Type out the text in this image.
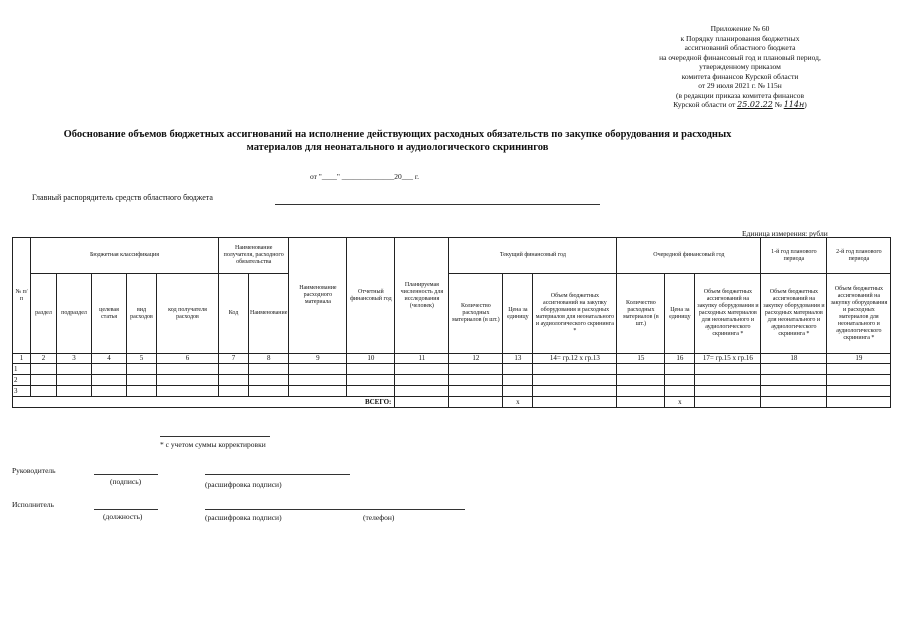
Приложение № 60
к Порядку планирования бюджетных
ассигнований областного бюджета
на очередной финансовый год и плановый период,
утвержденному приказом
комитета финансов Курской области
от 29 июля 2021 г. № 115н
(в редакции приказа комитета финансов
Курской области от 25.02.22 № 114н)
Обоснование объемов бюджетных ассигнований на исполнение действующих расходных обязательств по закупке оборудования и расходных
материалов для неонатального и аудиологического скринингов
от "____" ______________20___ г.
Главный распорядитель средств областного бюджета
Единица измерения: рубли
№ п/п	Бюджетная классификация					Наименование получателя, расходного обязательства		Наименование расходного материала	Отчетный финансовый год	Планируемая численность для исследования (человек)	Текущий финансовый год			Очередной финансовый год			1-й год планового периода	2-й год планового периода
	раздел	подраздел	целевая статья	вид расходов	код получателя расходов	Код	Наименование				Количество расходных материалов (в шт.)	Цена за единицу	Объем бюджетных ассигнований на закупку оборудования и расходных материалов для неонатального и аудиологического скрининга *	Количество расходных материалов (в шт.)	Цена за единицу	Объем бюджетных ассигнований на закупку оборудования и расходных материалов для неонатального и аудиологического скрининга *	Объем бюджетных ассигнований на закупку оборудования и расходных материалов для неонатального и аудиологического скрининга *	Объем бюджетных ассигнований на закупку оборудования и расходных материалов для неонатального и аудиологического скрининга *
1	2	3	4	5	6	7	8	9	10	11	12	13	14= гр.12 х гр.13	15	16	17= гр.15 х гр.16	18	19
1																		
2																		
3																		
ВСЕГО:												х			х			
* с учетом суммы корректировки
Руководитель
(подпись)	(расшифровка подписи)
Исполнитель
(должность)	(расшифровка подписи)	(телефон)
